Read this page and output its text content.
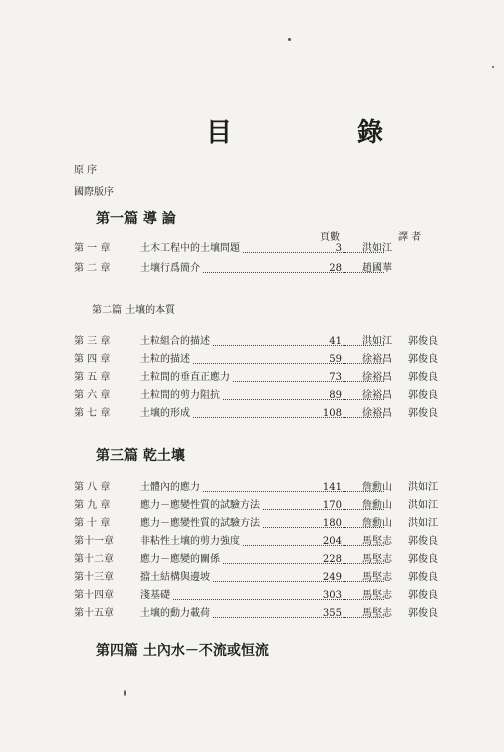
目 錄
原 序
國際版序
第一篇 導 論
頁數	譯 者
第 一 章	土木工程中的土壤問題	3 洪如江
第 二 章	土壤行爲簡介	28 趙國華
第二篇 土壤的本質
第 三 章	土粒組合的描述	41 洪如江 郭俊良
第 四 章	土粒的描述	59 徐裕昌 郭俊良
第 五 章	土粒間的垂直正應力	73 徐裕昌 郭俊良
第 六 章	土粒間的剪力阻抗	89 徐裕昌 郭俊良
第 七 章	土壤的形成	108 徐裕昌 郭俊良
第三篇 乾土壤
第 八 章	土體內的應力	141 詹勳山 洪如江
第 九 章	應力－應變性質的試驗方法	170 詹勳山 洪如江
第 十 章	應力－應變性質的試驗方法	180 詹勳山 洪如江
第十一章	非粘性土壤的剪力強度	204 馬堅志 郭俊良
第十二章	應力－應變的關係	228 馬堅志 郭俊良
第十三章	擋土結構與邊坡	249 馬堅志 郭俊良
第十四章	淺基礎	303 馬堅志 郭俊良
第十五章	土壤的動力載荷	355 馬堅志 郭俊良
第四篇 土內水－不流或恒流
